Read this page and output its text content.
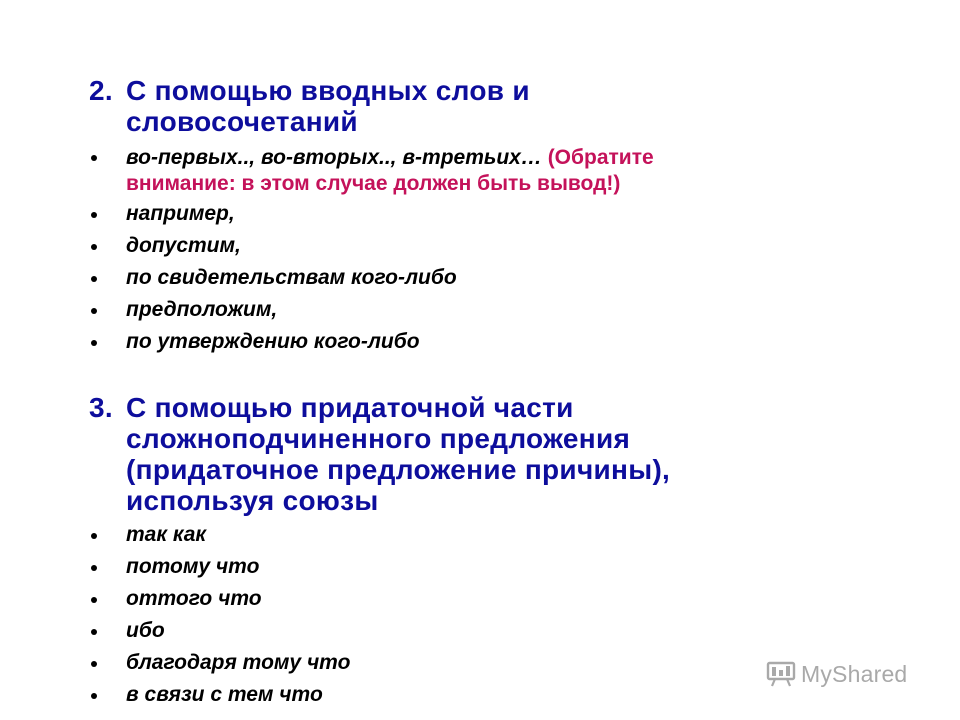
2. С помощью вводных слов и
словосочетаний
во-первых.., во-вторых.., в-третьих… (Обратите
внимание: в этом случае должен быть вывод!)
например,
допустим,
по свидетельствам кого-либо
предположим,
по утверждению кого-либо
3. С помощью придаточной части
сложноподчиненного предложения
(придаточное предложение причины),
используя союзы
так как
потому что
оттого что
ибо
благодаря тому что
в связи с тем что
MyShared
